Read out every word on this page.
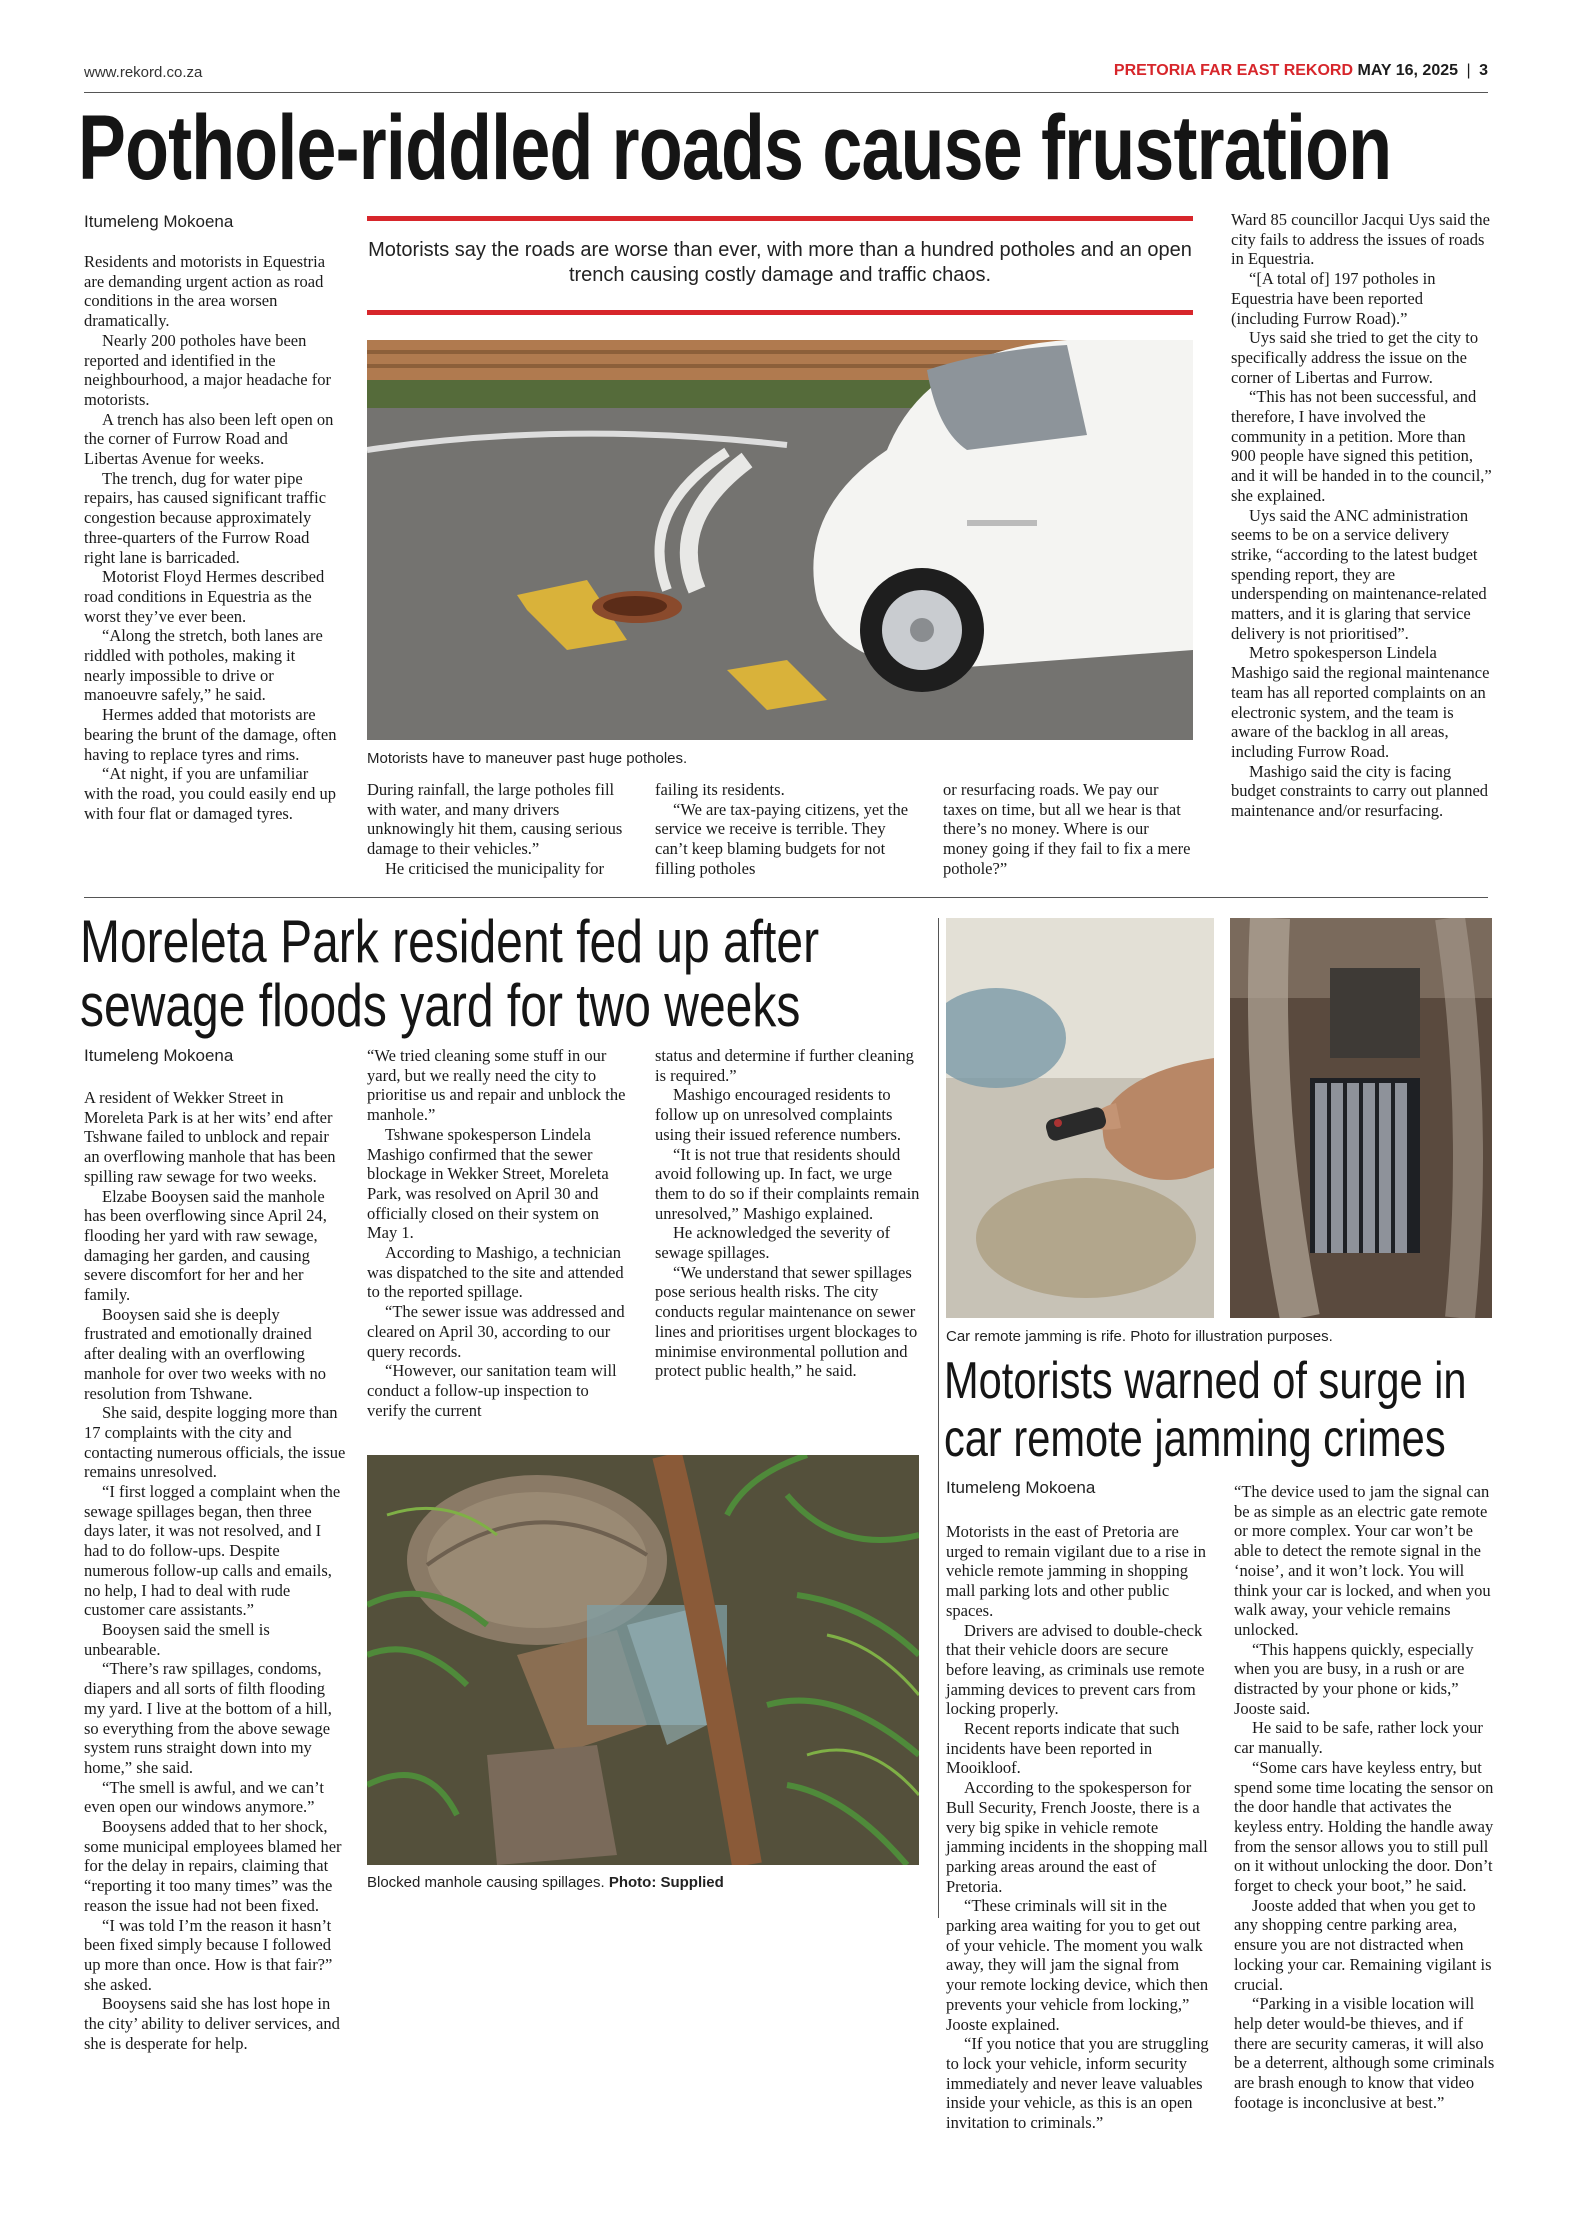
www.rekord.co.za	PRETORIA FAR EAST REKORD MAY 16, 2025 | 3
Pothole-riddled roads cause frustration
Itumeleng Mokoena

Residents and motorists in Equestria are demanding urgent action as road conditions in the area worsen dramatically.

Nearly 200 potholes have been reported and identified in the neighbourhood, a major headache for motorists.

A trench has also been left open on the corner of Furrow Road and Libertas Avenue for weeks.

The trench, dug for water pipe repairs, has caused significant traffic congestion because approximately three-quarters of the Furrow Road right lane is barricaded.

Motorist Floyd Hermes described road conditions in Equestria as the worst they’ve ever been.

“Along the stretch, both lanes are riddled with potholes, making it nearly impossible to drive or manoeuvre safely,” he said.

Hermes added that motorists are bearing the brunt of the damage, often having to replace tyres and rims.

“At night, if you are unfamiliar with the road, you could easily end up with four flat or damaged tyres.

Motorists say the roads are worse than ever, with more than a hundred potholes and an open trench causing costly damage and traffic chaos.
Motorists have to maneuver past huge potholes.

During rainfall, the large potholes fill with water, and many drivers unknowingly hit them, causing serious damage to their vehicles.”

He criticised the municipality for

failing its residents.

“We are tax-paying citizens, yet the service we receive is terrible. They can’t keep blaming budgets for not filling potholes

or resurfacing roads. We pay our taxes on time, but all we hear is that there’s no money. Where is our money going if they fail to fix a mere pothole?”

Ward 85 councillor Jacqui Uys said the city fails to address the issues of roads in Equestria.

“[A total of] 197 potholes in Equestria have been reported (including Furrow Road).”

Uys said she tried to get the city to specifically address the issue on the corner of Libertas and Furrow.

“This has not been successful, and therefore, I have involved the community in a petition. More than 900 people have signed this petition, and it will be handed in to the council,” she explained.

Uys said the ANC administration seems to be on a service delivery strike, “according to the latest budget spending report, they are underspending on maintenance-related matters, and it is glaring that service delivery is not prioritised”.

Metro spokesperson Lindela Mashigo said the regional maintenance team has all reported complaints on an electronic system, and the team is aware of the backlog in all areas, including Furrow Road.

Mashigo said the city is facing budget constraints to carry out planned maintenance and/or resurfacing.

Moreleta Park resident fed up after
sewage floods yard for two weeks
Itumeleng Mokoena

A resident of Wekker Street in Moreleta Park is at her wits’ end after Tshwane failed to unblock and repair an overflowing manhole that has been spilling raw sewage for two weeks.

Elzabe Booysen said the manhole has been overflowing since April 24, flooding her yard with raw sewage, damaging her garden, and causing severe discomfort for her and her family.

Booysen said she is deeply frustrated and emotionally drained after dealing with an overflowing manhole for over two weeks with no resolution from Tshwane.

She said, despite logging more than 17 complaints with the city and contacting numerous officials, the issue remains unresolved.

“I first logged a complaint when the sewage spillages began, then three days later, it was not resolved, and I had to do follow-ups. Despite numerous follow-up calls and emails, no help, I had to deal with rude customer care assistants.”

Booysen said the smell is unbearable.

“There’s raw spillages, condoms, diapers and all sorts of filth flooding my yard. I live at the bottom of a hill, so everything from the above sewage system runs straight down into my home,” she said.

“The smell is awful, and we can’t even open our windows anymore.”

Booysens added that to her shock, some municipal employees blamed her for the delay in repairs, claiming that “reporting it too many times” was the reason the issue had not been fixed.

“I was told I’m the reason it hasn’t been fixed simply because I followed up more than once. How is that fair?” she asked.

Booysens said she has lost hope in the city’ ability to deliver services, and she is desperate for help.

“We tried cleaning some stuff in our yard, but we really need the city to prioritise us and repair and unblock the manhole.”

Tshwane spokesperson Lindela Mashigo confirmed that the sewer blockage in Wekker Street, Moreleta Park, was resolved on April 30 and officially closed on their system on May 1.

According to Mashigo, a technician was dispatched to the site and attended to the reported spillage.

“The sewer issue was addressed and cleared on April 30, according to our query records.

“However, our sanitation team will conduct a follow-up inspection to verify the current

status and determine if further cleaning is required.”

Mashigo encouraged residents to follow up on unresolved complaints using their issued reference numbers.

“It is not true that residents should avoid following up. In fact, we urge them to do so if their complaints remain unresolved,” Mashigo explained.

He acknowledged the severity of sewage spillages.

“We understand that sewer spillages pose serious health risks. The city conducts regular maintenance on sewer lines and prioritises urgent blockages to minimise environmental pollution and protect public health,” he said.

Blocked manhole causing spillages. Photo: Supplied
Car remote jamming is rife. Photo for illustration purposes.
Motorists warned of surge in
car remote jamming crimes
Itumeleng Mokoena

Motorists in the east of Pretoria are urged to remain vigilant due to a rise in vehicle remote jamming in shopping mall parking lots and other public spaces.

Drivers are advised to double-check that their vehicle doors are secure before leaving, as criminals use remote jamming devices to prevent cars from locking properly.

Recent reports indicate that such incidents have been reported in Mooikloof.

According to the spokesperson for Bull Security, French Jooste, there is a very big spike in vehicle remote jamming incidents in the shopping mall parking areas around the east of Pretoria.

“These criminals will sit in the parking area waiting for you to get out of your vehicle. The moment you walk away, they will jam the signal from your remote locking device, which then prevents your vehicle from locking,” Jooste explained.

“If you notice that you are struggling to lock your vehicle, inform security immediately and never leave valuables inside your vehicle, as this is an open invitation to criminals.”

“The device used to jam the signal can be as simple as an electric gate remote or more complex. Your car won’t be able to detect the remote signal in the ‘noise’, and it won’t lock. You will think your car is locked, and when you walk away, your vehicle remains unlocked.

“This happens quickly, especially when you are busy, in a rush or are distracted by your phone or kids,” Jooste said.

He said to be safe, rather lock your car manually.

“Some cars have keyless entry, but spend some time locating the sensor on the door handle that activates the keyless entry. Holding the handle away from the sensor allows you to still pull on it without unlocking the door. Don’t forget to check your boot,” he said.

Jooste added that when you get to any shopping centre parking area, ensure you are not distracted when locking your car. Remaining vigilant is crucial.

“Parking in a visible location will help deter would-be thieves, and if there are security cameras, it will also be a deterrent, although some criminals are brash enough to know that video footage is inconclusive at best.”
